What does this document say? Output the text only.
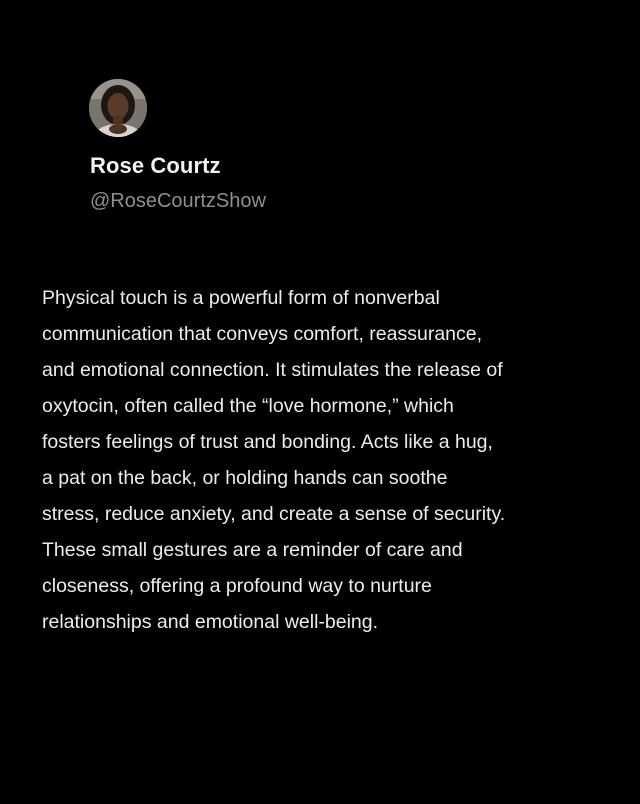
Rose Courtz
@RoseCourtzShow
Physical touch is a powerful form of nonverbal
communication that conveys comfort, reassurance,
and emotional connection. It stimulates the release of
oxytocin, often called the “love hormone,” which
fosters feelings of trust and bonding. Acts like a hug,
a pat on the back, or holding hands can soothe
stress, reduce anxiety, and create a sense of security.
These small gestures are a reminder of care and
closeness, offering a profound way to nurture
relationships and emotional well-being.
